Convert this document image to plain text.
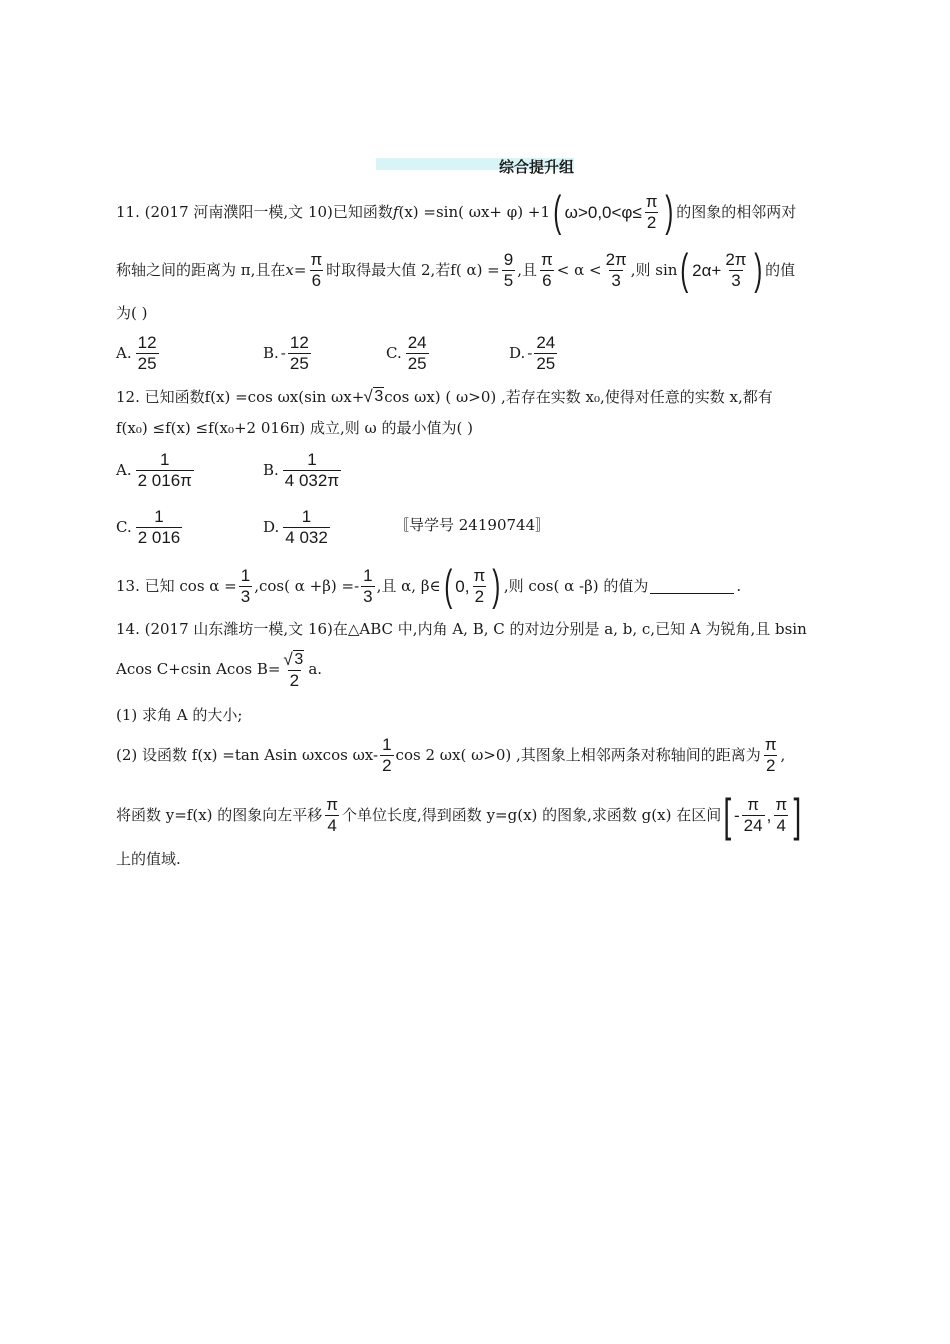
综合提升组
11. (2017 河南濮阳一模,文 10)已知函数 f (x) =sin( ωx+ φ) +1 ( $\omega>0,0<\varphi\le \frac{\pi}{2}$ ) 的图象的相邻两对
称轴之间的距离为 π,且在 $x= \frac{\pi}{6}$ 时取得最大值 2,若 f( $\alpha) = \frac{9}{5}$ ,且 $\frac{\pi}{6} < \alpha < \frac{2\pi}{3}$ ,则 sin ( $2\alpha+ \frac{2\pi}{3}$ ) 的值
为( )
A. $\frac{12}{25}$	B. - $\frac{12}{25}$	C. $\frac{24}{25}$	D. - $\frac{24}{25}$
12. 已知函数 f(x) =cos ωx(sin ωx+ √ 3 cos ωx) ( ω>0) ,若存在实数 x₀,使得对任意的实数 x,都有
f(x₀) ≤f(x) ≤f(x₀+2 016π) 成立,则 ω 的最小值为( )
A. $\frac{1}{2 016\pi}$	B. $\frac{1}{4 032\pi}$
C. $\frac{1}{2 016}$	D. $\frac{1}{4 032}$	〚导学号 24190744〛
13. 已知 $\cos \alpha = \frac{1}{3} ,\cos$( $\alpha +\beta) =- \frac{1}{3}$ ,且 α, β∈ ( 0, $\frac{\pi}{2}$ ) ,则 cos( α -β) 的值为	.
14. (2017 山东潍坊一模,文 16)在△ABC 中,内角 A, B, C 的对边分别是 a, b, c,已知 A 为锐角,且 bsin
Acos C+csin Acos B= √ $\frac{3}{2} a$.
(1) 求角 A 的大小;
(2) 设函数 f(x) =tan Asin ωxcos $\omega x- \frac{1}{2}$ cos 2 ωx( ω>0) ,其图象上相邻两条对称轴间的距离为 $\frac{\pi}{2}$ ,
将函数 y=f(x) 的图象向左平移 $\frac{\pi}{4}$ 个单位长度,得到函数 y=g(x) 的图象,求函数 g(x) 在区间 [ - $\frac{\pi}{24}$ , $\frac{\pi}{4}$ ]
上的值域.
